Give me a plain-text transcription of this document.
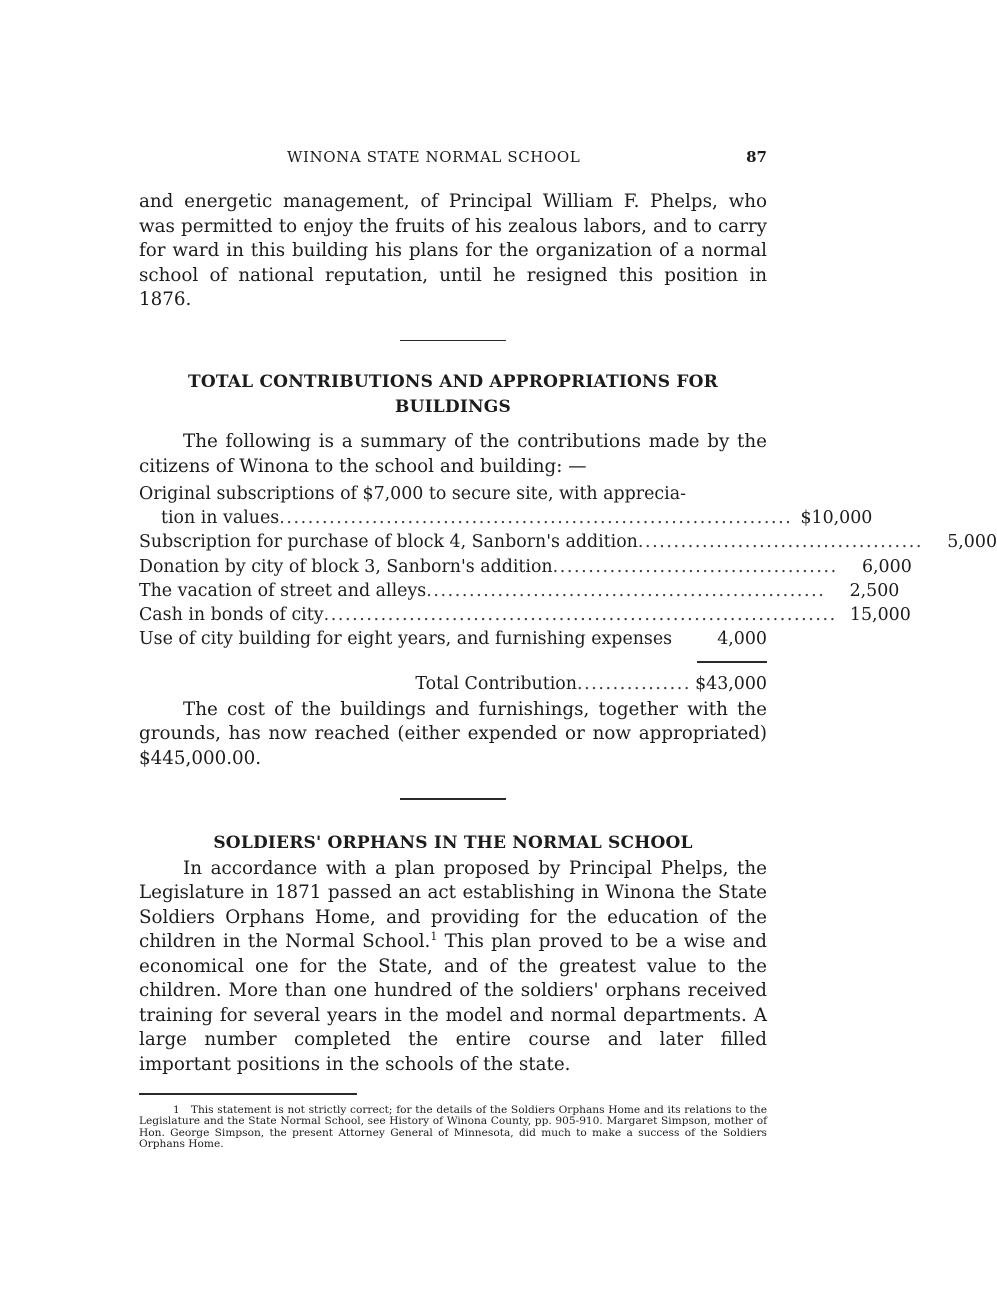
WINONA STATE NORMAL SCHOOL	87

and energetic management, of Principal William F. Phelps, who was permitted to enjoy the fruits of his zealous labors, and to carry for ward in this building his plans for the organization of a normal school of national reputation, until he resigned this position in 1876.

TOTAL CONTRIBUTIONS AND APPROPRIATIONS FOR BUILDINGS

The following is a summary of the contributions made by the citizens of Winona to the school and building: —

Original subscriptions of $7,000 to secure site, with apprecia-
tion in values........................................................................ $10,000
Subscription for purchase of block 4, Sanborn's addition........................................	5,000
Donation by city of block 3, Sanborn's addition........................................	6,000
The vacation of street and alleys........................................................	2,500
Cash in bonds of city........................................................................ 15,000
Use of city building for eight years, and furnishing expenses	4,000
Total Contribution................ $43,000

The cost of the buildings and furnishings, together with the grounds, has now reached (either expended or now appropriated) $445,000.00.

SOLDIERS' ORPHANS IN THE NORMAL SCHOOL

In accordance with a plan proposed by Principal Phelps, the Legislature in 1871 passed an act establishing in Winona the State Soldiers Orphans Home, and providing for the education of the children in the Normal School.$^1$ This plan proved to be a wise and economical one for the State, and of the greatest value to the children. More than one hundred of the soldiers' orphans received training for several years in the model and normal departments. A large number completed the entire course and later filled important positions in the schools of the state.

1 This statement is not strictly correct; for the details of the Soldiers Orphans Home and its relations to the Legislature and the State Normal School, see History of Winona County, pp. 905-910. Margaret Simpson, mother of Hon. George Simpson, the present Attorney General of Minnesota, did much to make a success of the Soldiers Orphans Home.
